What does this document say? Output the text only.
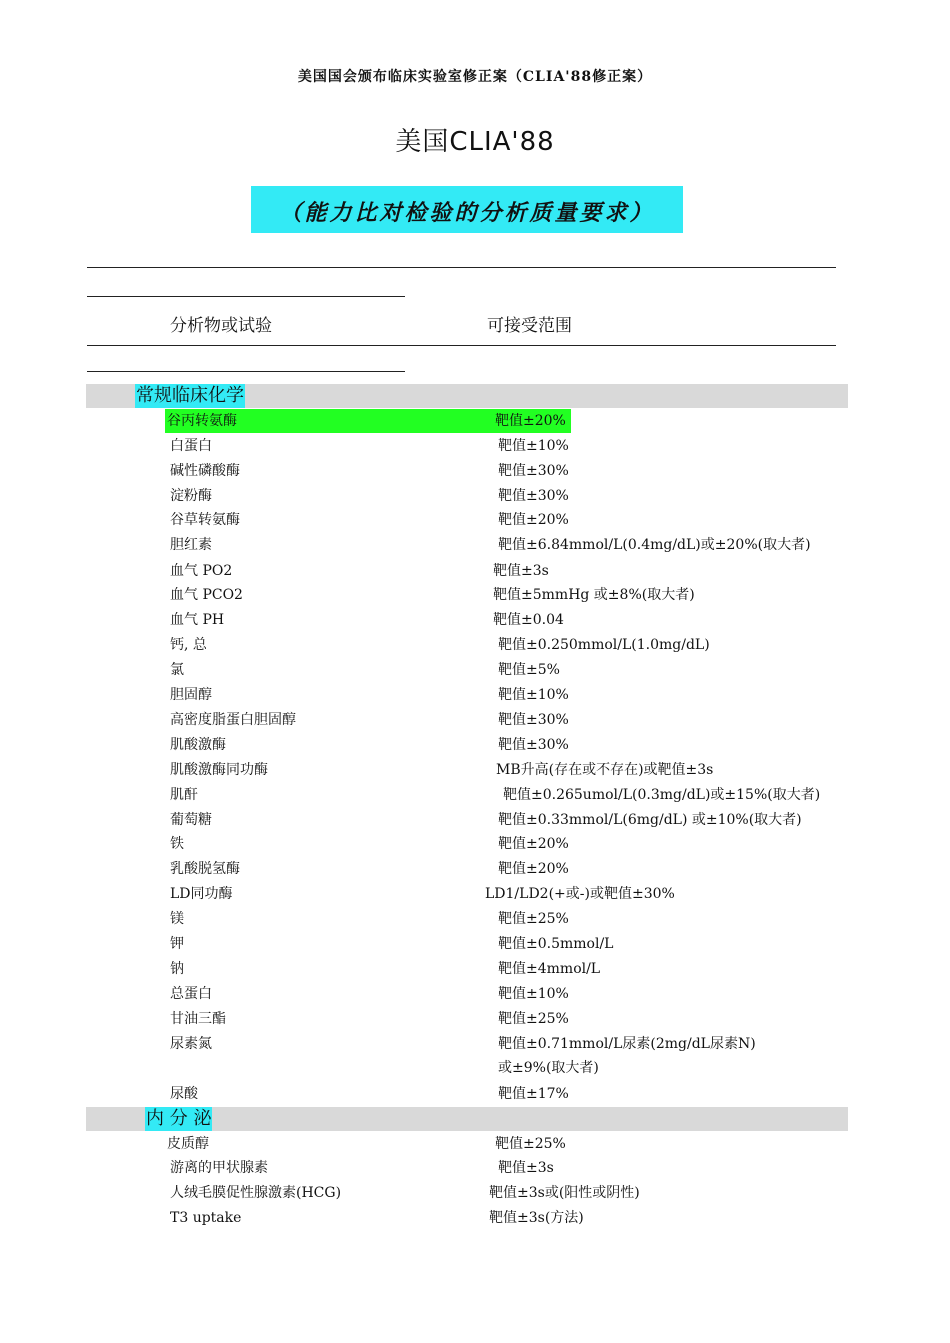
美国国会颁布临床实验室修正案（CLIA'88修正案）
美国CLIA'88
（能力比对检验的分析质量要求）
分析物或试验	可接受范围
常规临床化学
谷丙转氨酶	靶值±20%
白蛋白	靶值±10%
碱性磷酸酶	靶值±30%
淀粉酶	靶值±30%
谷草转氨酶	靶值±20%
胆红素	靶值±6.84mmol/L(0.4mg/dL)或±20%(取大者)
血气 PO2	靶值±3s
血气 PCO2	靶值±5mmHg 或±8%(取大者)
血气 PH	靶值±0.04
钙, 总	靶值±0.250mmol/L(1.0mg/dL)
氯	靶值±5%
胆固醇	靶值±10%
高密度脂蛋白胆固醇	靶值±30%
肌酸激酶	靶值±30%
肌酸激酶同功酶	MB升高(存在或不存在)或靶值±3s
肌酐	靶值±0.265umol/L(0.3mg/dL)或±15%(取大者)
葡萄糖	靶值±0.33mmol/L(6mg/dL) 或±10%(取大者)
铁	靶值±20%
乳酸脱氢酶	靶值±20%
LD同功酶	LD1/LD2(+或-)或靶值±30%
镁	靶值±25%
钾	靶值±0.5mmol/L
钠	靶值±4mmol/L
总蛋白	靶值±10%
甘油三酯	靶值±25%
尿素氮	靶值±0.71mmol/L尿素(2mg/dL尿素N)
或±9%(取大者)
尿酸	靶值±17%
内 分 泌
皮质醇	靶值±25%
游离的甲状腺素	靶值±3s
人绒毛膜促性腺激素(HCG)	靶值±3s或(阳性或阴性)
T3 uptake	靶值±3s(方法)
